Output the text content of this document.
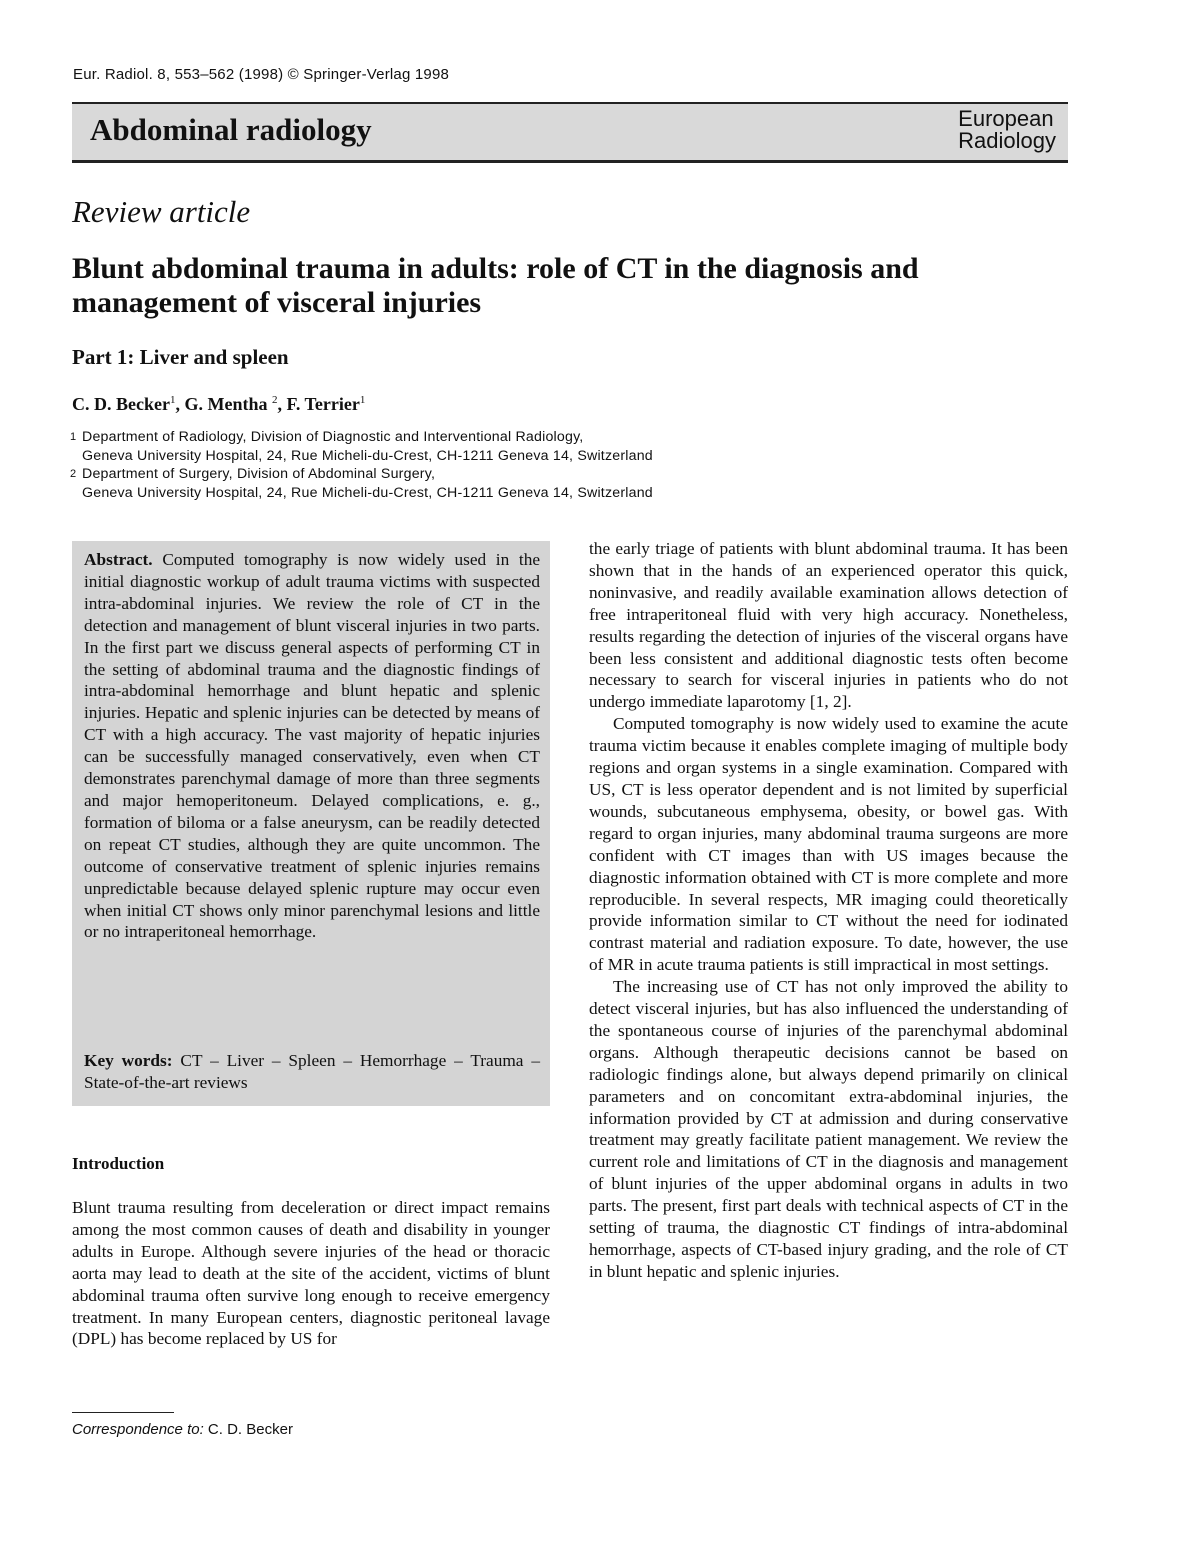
Eur. Radiol. 8, 553–562 (1998) © Springer-Verlag 1998
Abdominal radiology	European
Radiology
Review article
Blunt abdominal trauma in adults: role of CT in the diagnosis and management of visceral injuries
Part 1: Liver and spleen
C. D. Becker$^1$, G. Mentha $^2$, F. Terrier$^1$
1 Department of Radiology, Division of Diagnostic and Interventional Radiology,
Geneva University Hospital, 24, Rue Micheli-du-Crest, CH-1211 Geneva 14, Switzerland
2 Department of Surgery, Division of Abdominal Surgery,
Geneva University Hospital, 24, Rue Micheli-du-Crest, CH-1211 Geneva 14, Switzerland
Abstract. Computed tomography is now widely used in the initial diagnostic workup of adult trauma victims with suspected intra-abdominal injuries. We review the role of CT in the detection and management of blunt visceral injuries in two parts. In the first part we discuss general aspects of performing CT in the setting of abdominal trauma and the diagnostic findings of intra-abdominal hemorrhage and blunt hepatic and splenic injuries. Hepatic and splenic injuries can be detected by means of CT with a high accuracy. The vast majority of hepatic injuries can be successfully managed conservatively, even when CT demonstrates parenchymal damage of more than three segments and major hemoperitoneum. Delayed complications, e. g., formation of biloma or a false aneurysm, can be readily detected on repeat CT studies, although they are quite uncommon. The outcome of conservative treatment of splenic injuries remains unpredictable because delayed splenic rupture may occur even when initial CT shows only minor parenchymal lesions and little or no intraperitoneal hemorrhage.
Key words: CT – Liver – Spleen – Hemorrhage – Trauma – State-of-the-art reviews
Introduction
Blunt trauma resulting from deceleration or direct impact remains among the most common causes of death and disability in younger adults in Europe. Although severe injuries of the head or thoracic aorta may lead to death at the site of the accident, victims of blunt abdominal trauma often survive long enough to receive emergency treatment. In many European centers, diagnostic peritoneal lavage (DPL) has become replaced by US for
Correspondence to: C. D. Becker

the early triage of patients with blunt abdominal trauma. It has been shown that in the hands of an experienced operator this quick, noninvasive, and readily available examination allows detection of free intraperitoneal fluid with very high accuracy. Nonetheless, results regarding the detection of injuries of the visceral organs have been less consistent and additional diagnostic tests often become necessary to search for visceral injuries in patients who do not undergo immediate laparotomy [1, 2].

Computed tomography is now widely used to examine the acute trauma victim because it enables complete imaging of multiple body regions and organ systems in a single examination. Compared with US, CT is less operator dependent and is not limited by superficial wounds, subcutaneous emphysema, obesity, or bowel gas. With regard to organ injuries, many abdominal trauma surgeons are more confident with CT images than with US images because the diagnostic information obtained with CT is more complete and more reproducible. In several respects, MR imaging could theoretically provide information similar to CT without the need for iodinated contrast material and radiation exposure. To date, however, the use of MR in acute trauma patients is still impractical in most settings.

The increasing use of CT has not only improved the ability to detect visceral injuries, but has also influenced the understanding of the spontaneous course of injuries of the parenchymal abdominal organs. Although therapeutic decisions cannot be based on radiologic findings alone, but always depend primarily on clinical parameters and on concomitant extra-abdominal injuries, the information provided by CT at admission and during conservative treatment may greatly facilitate patient management. We review the current role and limitations of CT in the diagnosis and management of blunt injuries of the upper abdominal organs in adults in two parts. The present, first part deals with technical aspects of CT in the setting of trauma, the diagnostic CT findings of intra-abdominal hemorrhage, aspects of CT-based injury grading, and the role of CT in blunt hepatic and splenic injuries.
